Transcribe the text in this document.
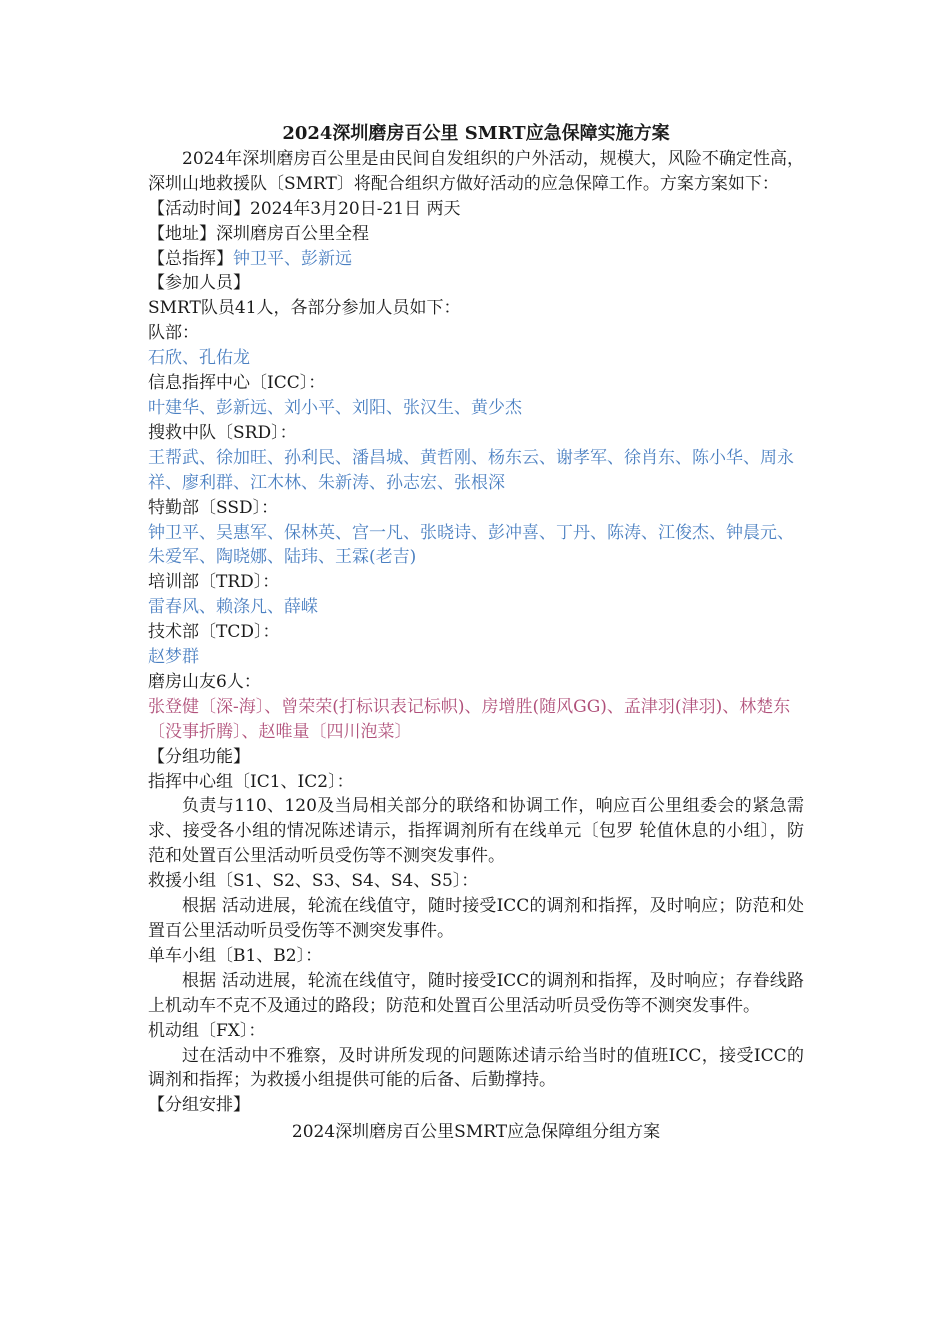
2024深圳磨房百公里 SMRT应急保障实施方案
2024年深圳磨房百公里是由民间自发组织的户外活动，规模大，风险不确定性高，深圳山地救援队〔SMRT〕将配合组织方做好活动的应急保障工作。方案方案如下：
【活动时间】2024年3月20日-21日 两天
【地址】深圳磨房百公里全程
【总指挥】钟卫平、彭新远
【参加人员】
SMRT队员41人，各部分参加人员如下：
队部：
石欣、孔佑龙
信息指挥中心〔ICC〕：
叶建华、彭新远、刘小平、刘阳、张汉生、黄少杰
搜救中队〔SRD〕：
王帮武、徐加旺、孙利民、潘昌城、黄哲刚、杨东云、谢孝军、徐肖东、陈小华、周永祥、廖利群、江木林、朱新涛、孙志宏、张根深
特勤部〔SSD〕：
钟卫平、吴惠军、保林英、宫一凡、张晓诗、彭冲喜、丁丹、陈涛、江俊杰、钟晨元、朱爱军、陶晓娜、陆玮、王霖(老吉)
培训部〔TRD〕：
雷春风、赖涤凡、薛嵘
技术部〔TCD〕：
赵梦群
磨房山友6人：
张登健〔深-海〕、曾荣荣(打标识表记标帜)、房增胜(随风GG)、孟津羽(津羽)、林楚东〔没事折腾〕、赵唯量〔四川泡菜〕
【分组功能】
指挥中心组〔IC1、IC2〕：
负责与110、120及当局相关部分的联络和协调工作，响应百公里组委会的紧急需求、接受各小组的情况陈述请示，指挥调剂所有在线单元〔包罗 轮值休息的小组〕，防范和处置百公里活动听员受伤等不测突发事件。
救援小组〔S1、S2、S3、S4、S4、S5〕：
根据 活动进展，轮流在线值守，随时接受ICC的调剂和指挥，及时响应；防范和处置百公里活动听员受伤等不测突发事件。
单车小组〔B1、B2〕：
根据 活动进展，轮流在线值守，随时接受ICC的调剂和指挥，及时响应；存眷线路上机动车不克不及通过的路段；防范和处置百公里活动听员受伤等不测突发事件。
机动组〔FX〕：
过在活动中不雅察，及时讲所发现的问题陈述请示给当时的值班ICC，接受ICC的调剂和指挥；为救援小组提供可能的后备、后勤撑持。
【分组安排】
2024深圳磨房百公里SMRT应急保障组分组方案
